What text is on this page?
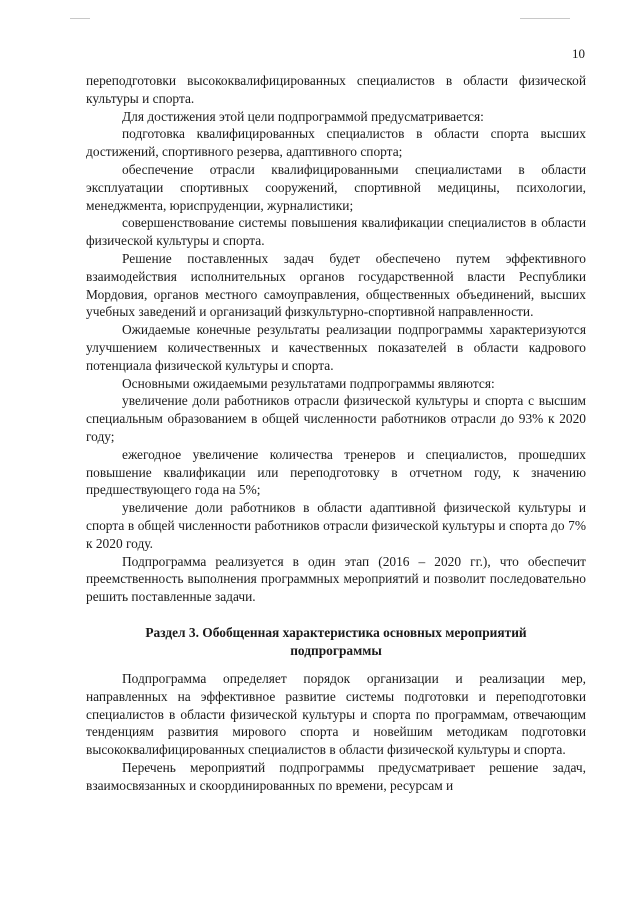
10

переподготовки высококвалифицированных специалистов в области физической культуры и спорта.

Для достижения этой цели подпрограммой предусматривается:

подготовка квалифицированных специалистов в области спорта высших достижений, спортивного резерва, адаптивного спорта;

обеспечение отрасли квалифицированными специалистами в области эксплуатации спортивных сооружений, спортивной медицины, психологии, менеджмента, юриспруденции, журналистики;

совершенствование системы повышения квалификации специалистов в области физической культуры и спорта.

Решение поставленных задач будет обеспечено путем эффективного взаимодействия исполнительных органов государственной власти Республики Мордовия, органов местного самоуправления, общественных объединений, высших учебных заведений и организаций физкультурно-спортивной направленности.

Ожидаемые конечные результаты реализации подпрограммы характеризуются улучшением количественных и качественных показателей в области кадрового потенциала физической культуры и спорта.

Основными ожидаемыми результатами подпрограммы являются:

увеличение доли работников отрасли физической культуры и спорта с высшим специальным образованием в общей численности работников отрасли до 93% к 2020 году;

ежегодное увеличение количества тренеров и специалистов, прошедших повышение квалификации или переподготовку в отчетном году, к значению предшествующего года на 5%;

увеличение доли работников в области адаптивной физической культуры и спорта в общей численности работников отрасли физической культуры и спорта до 7% к 2020 году.

Подпрограмма реализуется в один этап (2016 – 2020 гг.), что обеспечит преемственность выполнения программных мероприятий и позволит последовательно решить поставленные задачи.

Раздел 3. Обобщенная характеристика основных мероприятий
подпрограммы

Подпрограмма определяет порядок организации и реализации мер, направленных на эффективное развитие системы подготовки и переподготовки специалистов в области физической культуры и спорта по программам, отвечающим тенденциям развития мирового спорта и новейшим методикам подготовки высококвалифицированных специалистов в области физической культуры и спорта.

Перечень мероприятий подпрограммы предусматривает решение задач, взаимосвязанных и скоординированных по времени, ресурсам и
